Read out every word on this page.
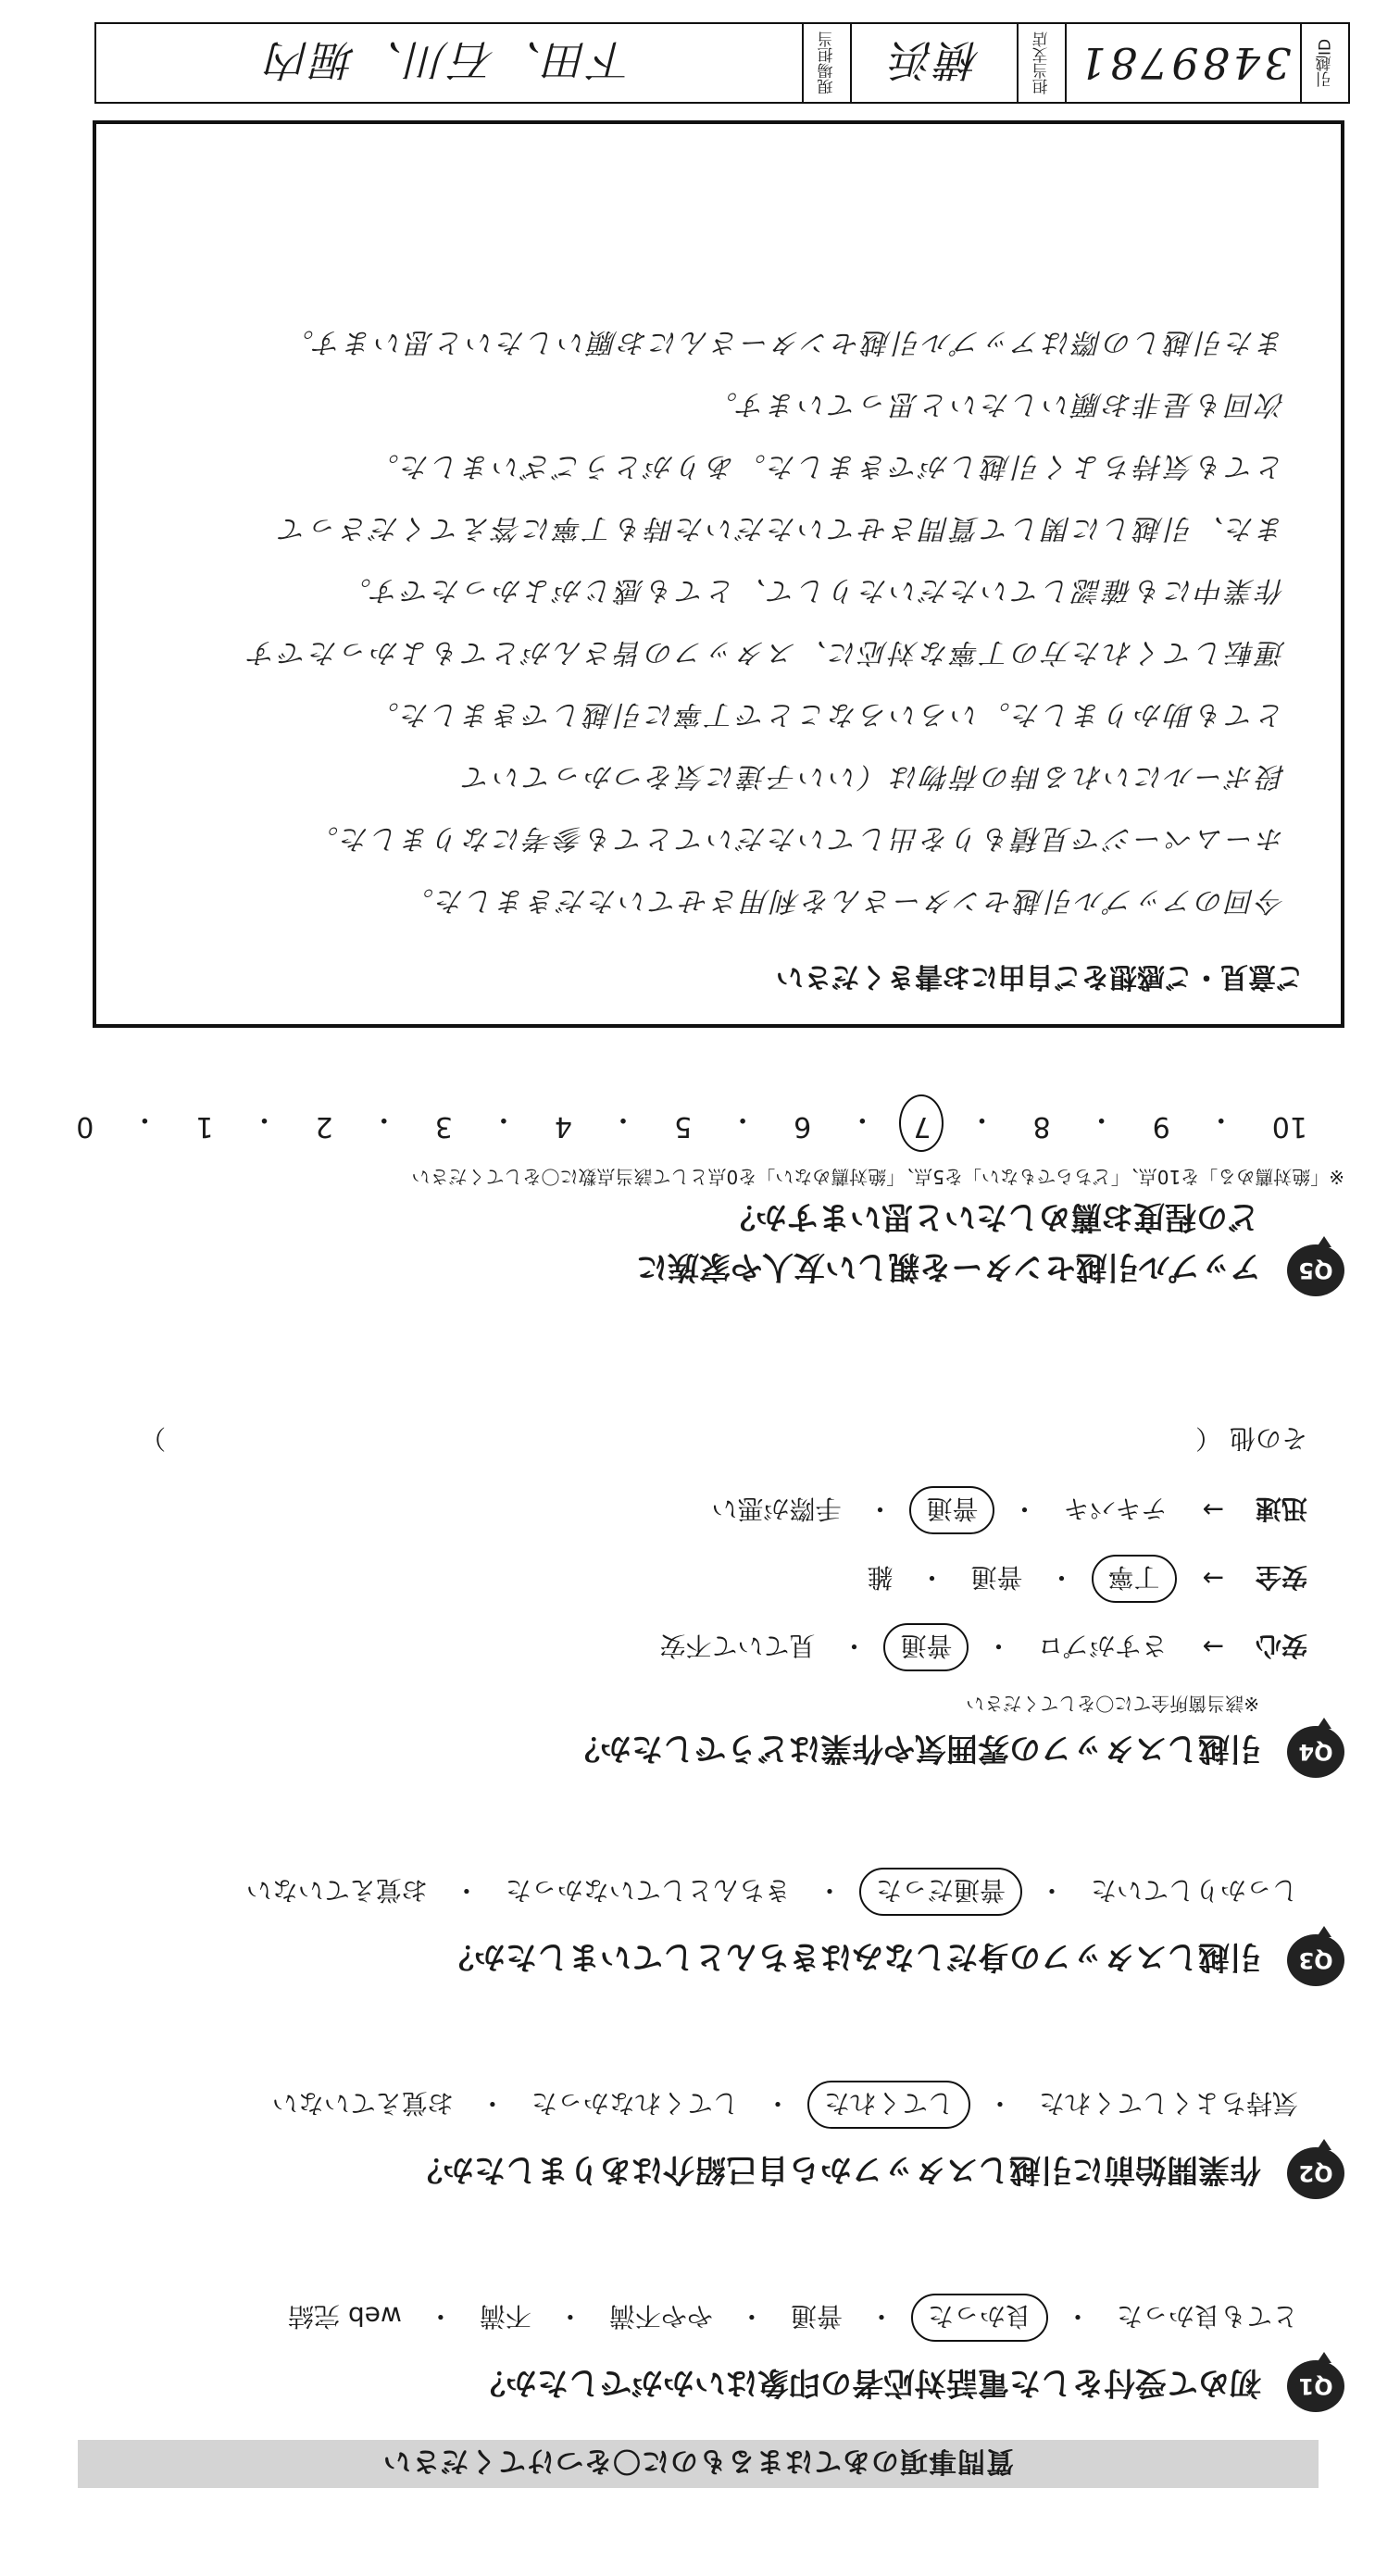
質問事項のあてはまるものに〇をつけてください
Q1
初めて受付をした電話対応者の印象はいかがでしたか？
とても良かった
・
良かった
・
普通
・
やや不満
・
不満
・
web 完結
Q2
作業開始前に引越しスタッフから自己紹介はありましたか？
気持ちよくしてくれた
・
してくれた
・
してくれなかった
・
お覚えていない
Q3
引越しスタッフの身だしなみはきちんとしていましたか？
しっかりしていた
・
普通だった
・
きちんとしていなかった
・
お覚えていない
Q4
引越しスタッフの雰囲気や作業はどうでしたか？
※該当箇所全てに〇をしてください
安心
→
さすがプロ
・
普通
・
見ていて不安
安全
→
丁寧
・
普通
・
雑
迅速
→
テキパキ
・
普通
・
手際が悪い
その他 （）
Q5
アップル引越センターを親しい友人や家族に
どの程度お薦めしたいと思いますか？
※「絶対薦める」を10点、「どちらでもない」を5点、「絶対薦めない」を0点として該当点数に〇をしてください
10
・
9
・
8
・
7
・
6
・
5
・
4
・
3
・
2
・
1
・
0
ご意見・ご感想をご自由にお書きください
今回のアップル引越センターさんを利用させていただきました。
ホームページで見積もりを出していただいてとても参考になりました。
段ボールにいれる時の荷物は（いい子達に気をつかっていて
とても助かりました。いろいろなことで丁寧に引越しできました。
運転してくれた方の丁寧な対応に、スタッフの皆さんがとてもよかったです
作業中にも確認していただいたりして、とても感じがよかったです。
また、引越しに関して質問させていただいた時も丁寧に答えてくださって
とても気持ちよく引越しができました。ありがとうございました。
次回も是非お願いしたいと思っています。
また引越しの際はアップル引越センターさんにお願いしたいと思います。
引越ID
3489781
担当支店
横浜
現場担当
下田、石川、堀内
